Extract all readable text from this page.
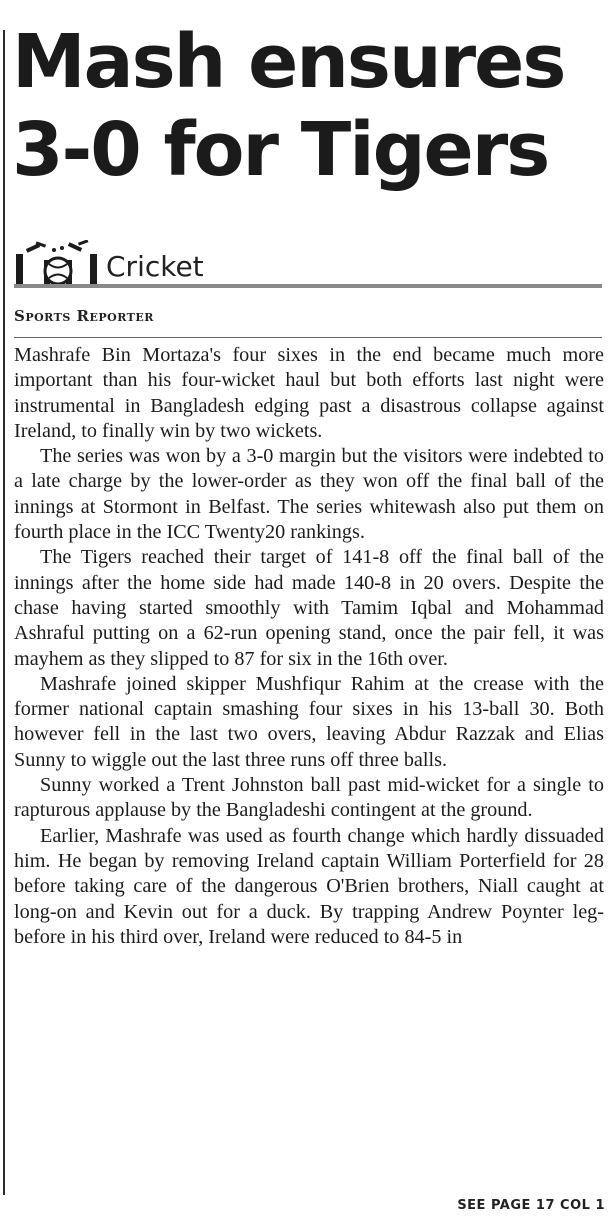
Mash ensures
3-0 for Tigers
Cricket
Sports Reporter

Mashrafe Bin Mortaza's four sixes in the end became much more important than his four-wicket haul but both efforts last night were instrumental in Bangladesh edging past a disastrous collapse against Ireland, to finally win by two wickets.

The series was won by a 3-0 margin but the visitors were indebted to a late charge by the lower-order as they won off the final ball of the innings at Stormont in Belfast. The series whitewash also put them on fourth place in the ICC Twenty20 rankings.

The Tigers reached their target of 141-8 off the final ball of the innings after the home side had made 140-8 in 20 overs. Despite the chase having started smoothly with Tamim Iqbal and Mohammad Ashraful putting on a 62-run opening stand, once the pair fell, it was mayhem as they slipped to 87 for six in the 16th over.

Mashrafe joined skipper Mushfiqur Rahim at the crease with the former national captain smashing four sixes in his 13-ball 30. Both however fell in the last two overs, leaving Abdur Razzak and Elias Sunny to wiggle out the last three runs off three balls.

Sunny worked a Trent Johnston ball past mid-wicket for a single to rapturous applause by the Bangladeshi contingent at the ground.

Earlier, Mashrafe was used as fourth change which hardly dissuaded him. He began by removing Ireland captain William Porterfield for 28 before taking care of the dangerous O'Brien brothers, Niall caught at long-on and Kevin out for a duck. By trapping Andrew Poynter leg-before in his third over, Ireland were reduced to 84-5 in

SEE PAGE 17 COL 1
